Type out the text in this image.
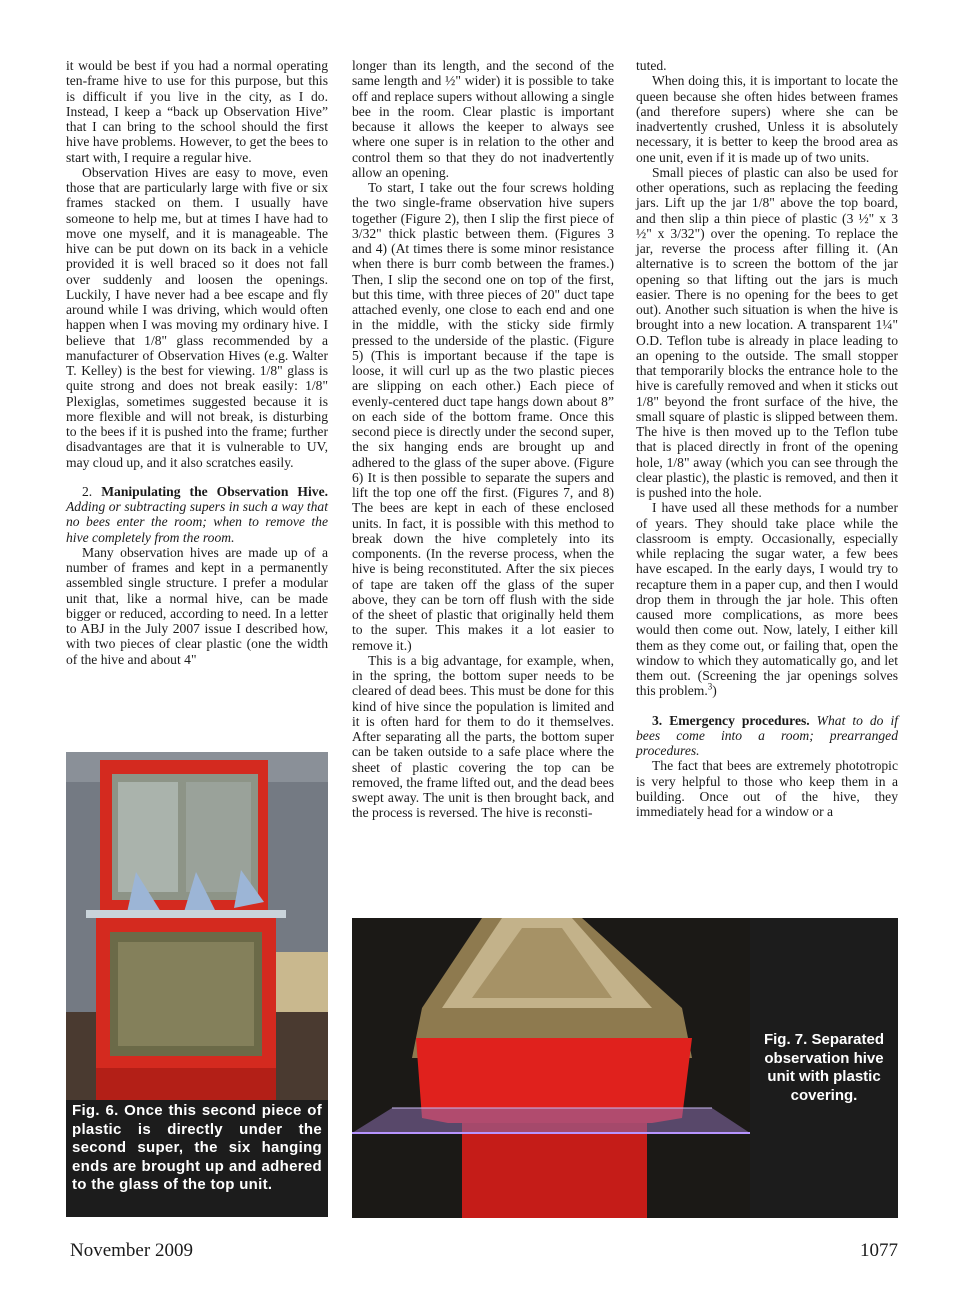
it would be best if you had a normal operating ten-frame hive to use for this purpose, but this is difficult if you live in the city, as I do. Instead, I keep a “back up Observation Hive” that I can bring to the school should the first hive have problems. However, to get the bees to start with, I require a regular hive.

Observation Hives are easy to move, even those that are particularly large with five or six frames stacked on them. I usually have someone to help me, but at times I have had to move one myself, and it is manageable. The hive can be put down on its back in a vehicle provided it is well braced so it does not fall over suddenly and loosen the openings. Luckily, I have never had a bee escape and fly around while I was driving, which would often happen when I was moving my ordinary hive. I believe that 1/8" glass recommended by a manufacturer of Observation Hives (e.g. Walter T. Kelley) is the best for viewing. 1/8" glass is quite strong and does not break easily: 1/8" Plexiglas, sometimes suggested because it is more flexible and will not break, is disturbing to the bees if it is pushed into the frame; further disadvantages are that it is vulnerable to UV, may cloud up, and it also scratches easily.

2. Manipulating the Observation Hive. Adding or subtracting supers in such a way that no bees enter the room; when to remove the hive completely from the room.

Many observation hives are made up of a number of frames and kept in a permanently assembled single structure. I prefer a modular unit that, like a normal hive, can be made bigger or reduced, according to need. In a letter to ABJ in the July 2007 issue I described how, with two pieces of clear plastic (one the width of the hive and about 4"

longer than its length, and the second of the same length and ½" wider) it is possible to take off and replace supers without allowing a single bee in the room. Clear plastic is important because it allows the keeper to always see where one super is in relation to the other and control them so that they do not inadvertently allow an opening.

To start, I take out the four screws holding the two single-frame observation hive supers together (Figure 2), then I slip the first piece of 3/32" thick plastic between them. (Figures 3 and 4) (At times there is some minor resistance when there is burr comb between the frames.) Then, I slip the second one on top of the first, but this time, with three pieces of 20" duct tape attached evenly, one close to each end and one in the middle, with the sticky side firmly pressed to the underside of the plastic. (Figure 5) (This is important because if the tape is loose, it will curl up as the two plastic pieces are slipping on each other.) Each piece of evenly-centered duct tape hangs down about 8” on each side of the bottom frame. Once this second piece is directly under the second super, the six hanging ends are brought up and adhered to the glass of the super above. (Figure 6) It is then possible to separate the supers and lift the top one off the first. (Figures 7, and 8) The bees are kept in each of these enclosed units. In fact, it is possible with this method to break down the hive completely into its components. (In the reverse process, when the hive is being reconstituted. After the six pieces of tape are taken off the glass of the super above, they can be torn off flush with the side of the sheet of plastic that originally held them to the super. This makes it a lot easier to remove it.)

This is a big advantage, for example, when, in the spring, the bottom super needs to be cleared of dead bees. This must be done for this kind of hive since the population is limited and it is often hard for them to do it themselves. After separating all the parts, the bottom super can be taken outside to a safe place where the sheet of plastic covering the top can be removed, the frame lifted out, and the dead bees swept away. The unit is then brought back, and the process is reversed. The hive is reconsti-

tuted.

When doing this, it is important to locate the queen because she often hides between frames (and therefore supers) where she can be inadvertently crushed, Unless it is absolutely necessary, it is better to keep the brood area as one unit, even if it is made up of two units.

Small pieces of plastic can also be used for other operations, such as replacing the feeding jars. Lift up the jar 1/8" above the top board, and then slip a thin piece of plastic (3 ½" x 3 ½" x 3/32") over the opening. To replace the jar, reverse the process after filling it. (An alternative is to screen the bottom of the jar opening so that lifting out the jars is much easier. There is no opening for the bees to get out). Another such situation is when the hive is brought into a new location. A transparent 1¼" O.D. Teflon tube is already in place leading to an opening to the outside. The small stopper that temporarily blocks the entrance hole to the hive is carefully removed and when it sticks out 1/8" beyond the front surface of the hive, the small square of plastic is slipped between them. The hive is then moved up to the Teflon tube that is placed directly in front of the opening hole, 1/8" away (which you can see through the clear plastic), the plastic is removed, and then it is pushed into the hole.

I have used all these methods for a number of years. They should take place while the classroom is empty. Occasionally, especially while replacing the sugar water, a few bees have escaped. In the early days, I would try to recapture them in a paper cup, and then I would drop them in through the jar hole. This often caused more complications, as more bees would then come out. Now, lately, I either kill them as they come out, or failing that, open the window to which they automatically go, and let them out. (Screening the jar openings solves this problem.$^3$)

3. Emergency procedures. What to do if bees come into a room; prearranged procedures.

The fact that bees are extremely phototropic is very helpful to those who keep them in a building. Once out of the hive, they immediately head for a window or a

Fig. 6. Once this second piece of plastic is directly under the second super, the six hanging ends are brought up and adhered to the glass of the top unit.
Fig. 7. Separated observation hive unit with plastic covering.
November 2009	1077
